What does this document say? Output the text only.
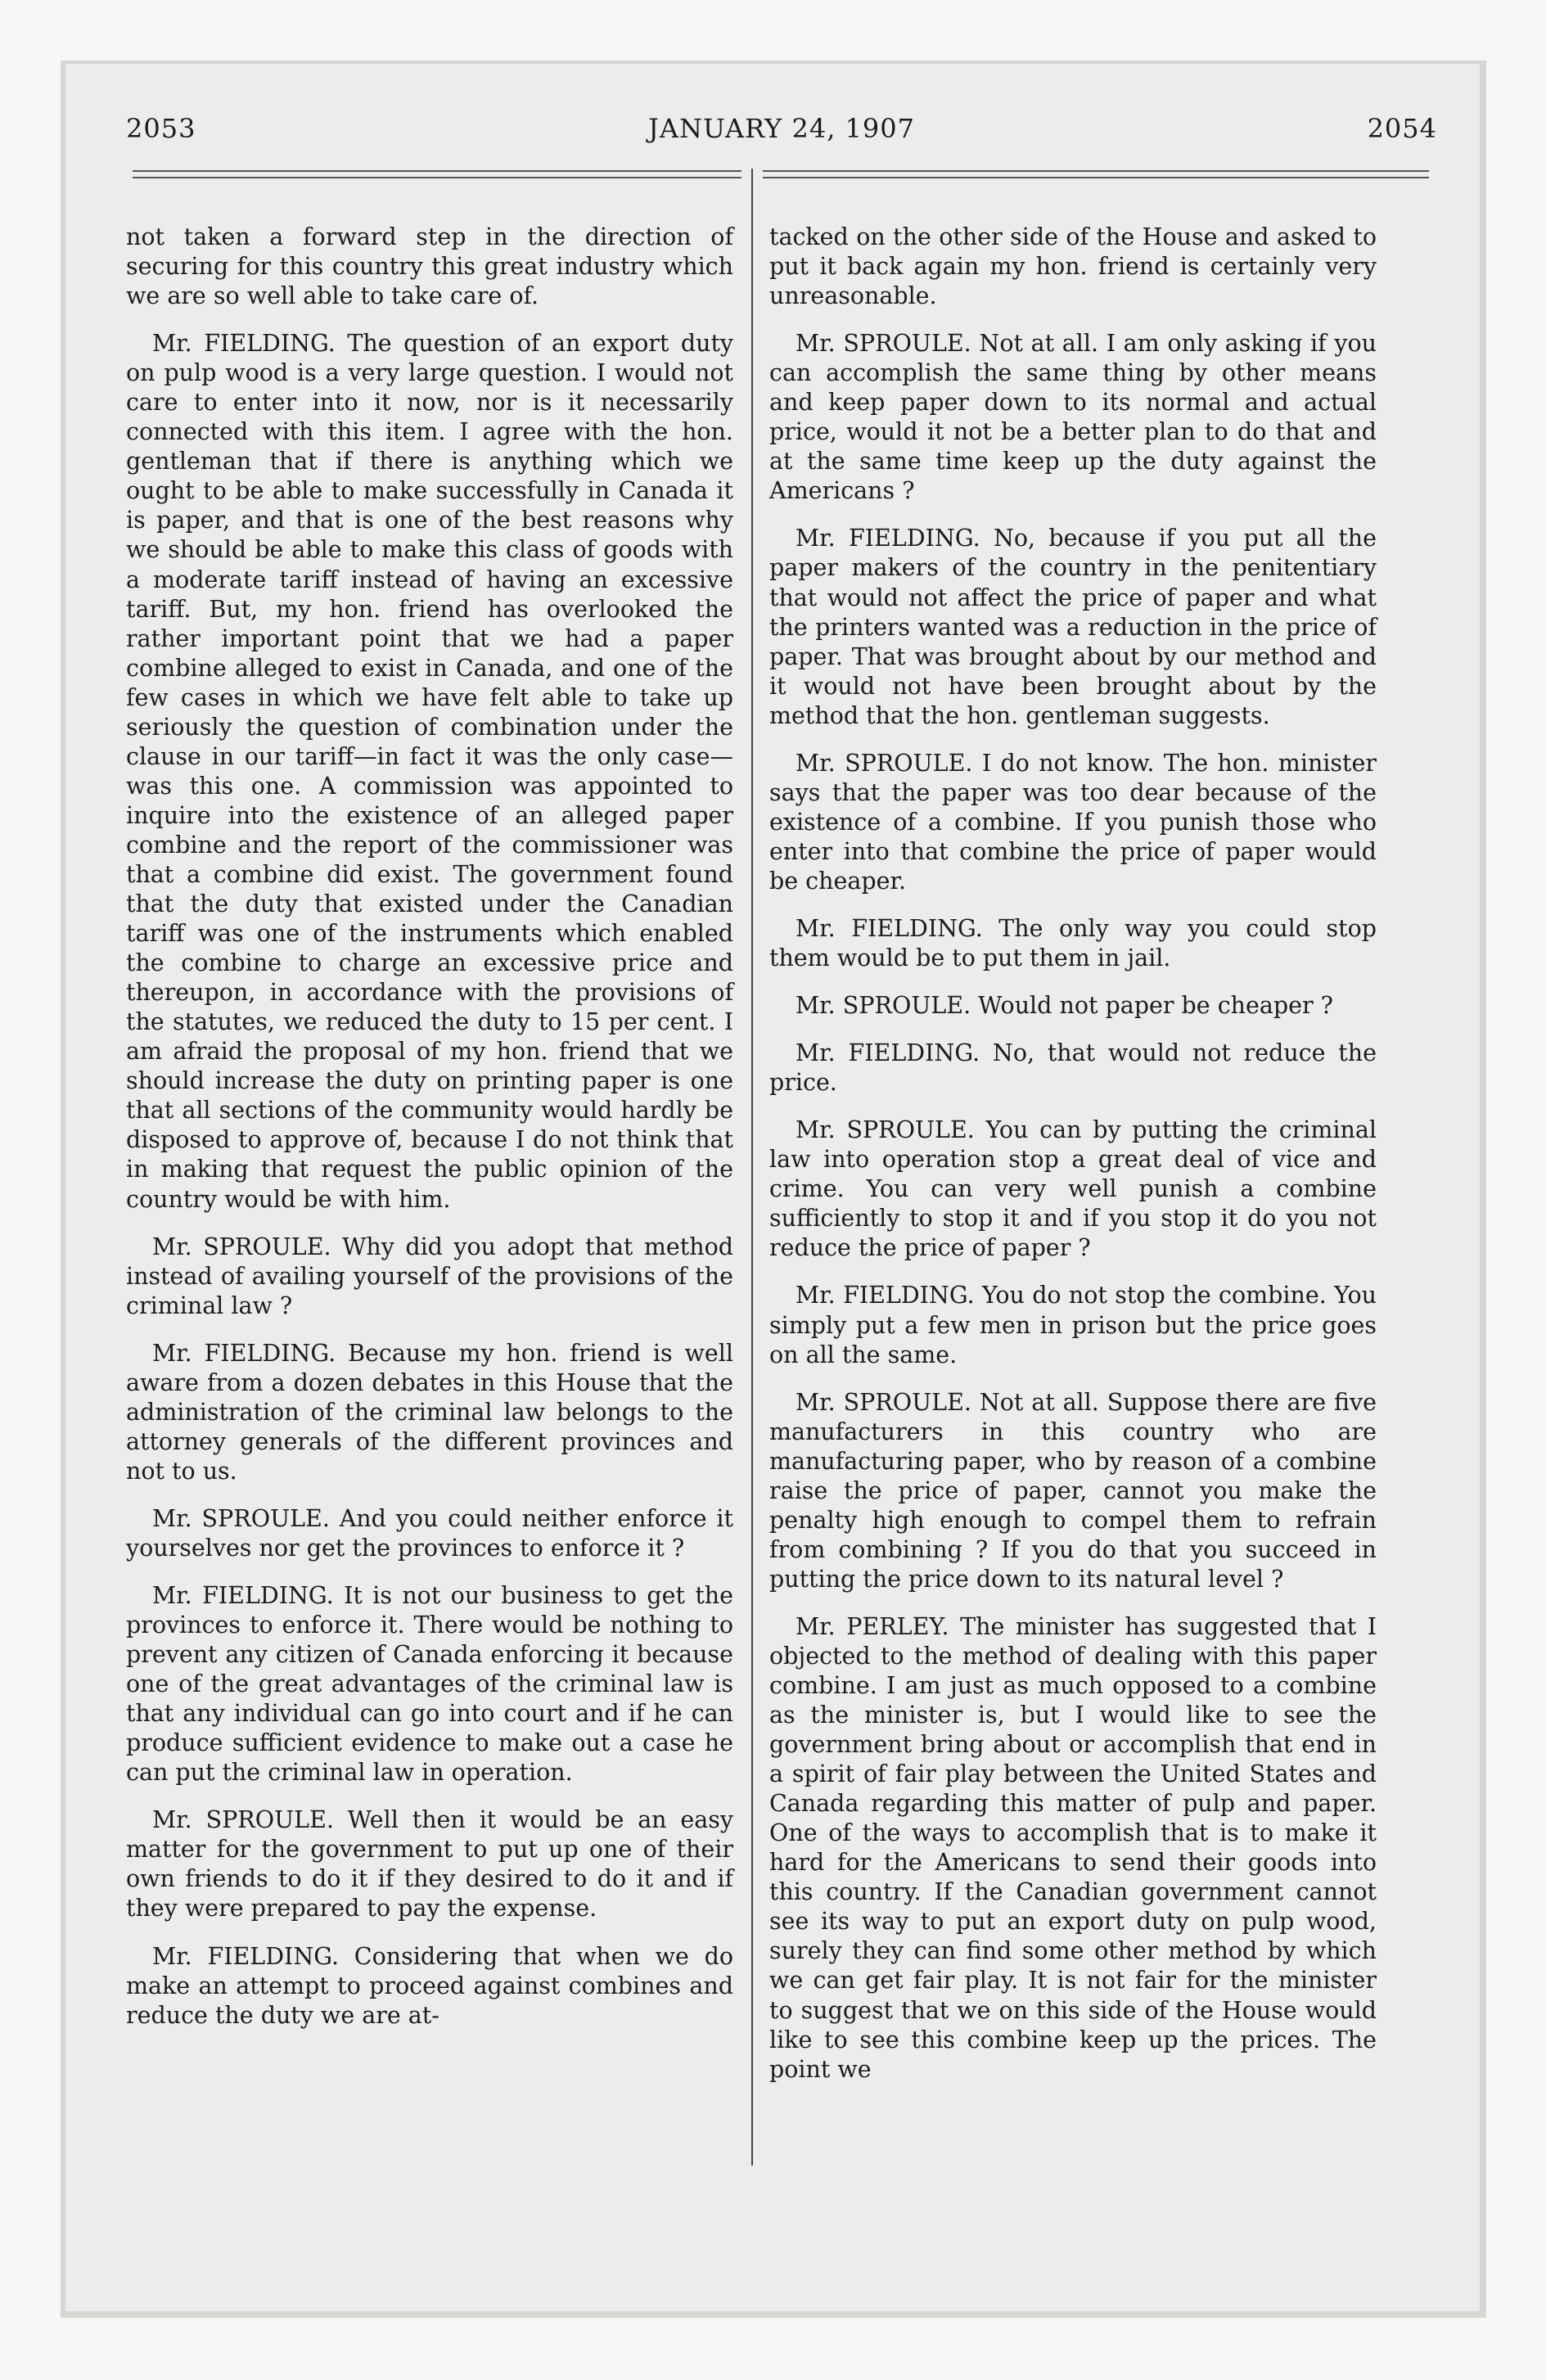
2053	JANUARY 24, 1907	2054

not taken a forward step in the direction of securing for this country this great industry which we are so well able to take care of.

Mr. FIELDING. The question of an export duty on pulp wood is a very large question. I would not care to enter into it now, nor is it necessarily connected with this item. I agree with the hon. gentleman that if there is anything which we ought to be able to make successfully in Canada it is paper, and that is one of the best reasons why we should be able to make this class of goods with a moderate tariff instead of having an excessive tariff. But, my hon. friend has overlooked the rather important point that we had a paper combine alleged to exist in Canada, and one of the few cases in which we have felt able to take up seriously the question of combination under the clause in our tariff—in fact it was the only case—was this one. A commission was appointed to inquire into the existence of an alleged paper combine and the report of the commissioner was that a combine did exist. The government found that the duty that existed under the Canadian tariff was one of the instruments which enabled the combine to charge an excessive price and thereupon, in accordance with the provisions of the statutes, we reduced the duty to 15 per cent. I am afraid the proposal of my hon. friend that we should increase the duty on printing paper is one that all sections of the community would hardly be disposed to approve of, because I do not think that in making that request the public opinion of the country would be with him.

Mr. SPROULE. Why did you adopt that method instead of availing yourself of the provisions of the criminal law ?

Mr. FIELDING. Because my hon. friend is well aware from a dozen debates in this House that the administration of the criminal law belongs to the attorney generals of the different provinces and not to us.

Mr. SPROULE. And you could neither enforce it yourselves nor get the provinces to enforce it ?

Mr. FIELDING. It is not our business to get the provinces to enforce it. There would be nothing to prevent any citizen of Canada enforcing it because one of the great advantages of the criminal law is that any individual can go into court and if he can produce sufficient evidence to make out a case he can put the criminal law in operation.

Mr. SPROULE. Well then it would be an easy matter for the government to put up one of their own friends to do it if they desired to do it and if they were prepared to pay the expense.

Mr. FIELDING. Considering that when we do make an attempt to proceed against combines and reduce the duty we are at-

tacked on the other side of the House and asked to put it back again my hon. friend is certainly very unreasonable.

Mr. SPROULE. Not at all. I am only asking if you can accomplish the same thing by other means and keep paper down to its normal and actual price, would it not be a better plan to do that and at the same time keep up the duty against the Americans ?

Mr. FIELDING. No, because if you put all the paper makers of the country in the penitentiary that would not affect the price of paper and what the printers wanted was a reduction in the price of paper. That was brought about by our method and it would not have been brought about by the method that the hon. gentleman suggests.

Mr. SPROULE. I do not know. The hon. minister says that the paper was too dear because of the existence of a combine. If you punish those who enter into that combine the price of paper would be cheaper.

Mr. FIELDING. The only way you could stop them would be to put them in jail.

Mr. SPROULE. Would not paper be cheaper ?

Mr. FIELDING. No, that would not reduce the price.

Mr. SPROULE. You can by putting the criminal law into operation stop a great deal of vice and crime. You can very well punish a combine sufficiently to stop it and if you stop it do you not reduce the price of paper ?

Mr. FIELDING. You do not stop the combine. You simply put a few men in prison but the price goes on all the same.

Mr. SPROULE. Not at all. Suppose there are five manufacturers in this country who are manufacturing paper, who by reason of a combine raise the price of paper, cannot you make the penalty high enough to compel them to refrain from combining ? If you do that you succeed in putting the price down to its natural level ?

Mr. PERLEY. The minister has suggested that I objected to the method of dealing with this paper combine. I am just as much opposed to a combine as the minister is, but I would like to see the government bring about or accomplish that end in a spirit of fair play between the United States and Canada regarding this matter of pulp and paper. One of the ways to accomplish that is to make it hard for the Americans to send their goods into this country. If the Canadian government cannot see its way to put an export duty on pulp wood, surely they can find some other method by which we can get fair play. It is not fair for the minister to suggest that we on this side of the House would like to see this combine keep up the prices. The point we
